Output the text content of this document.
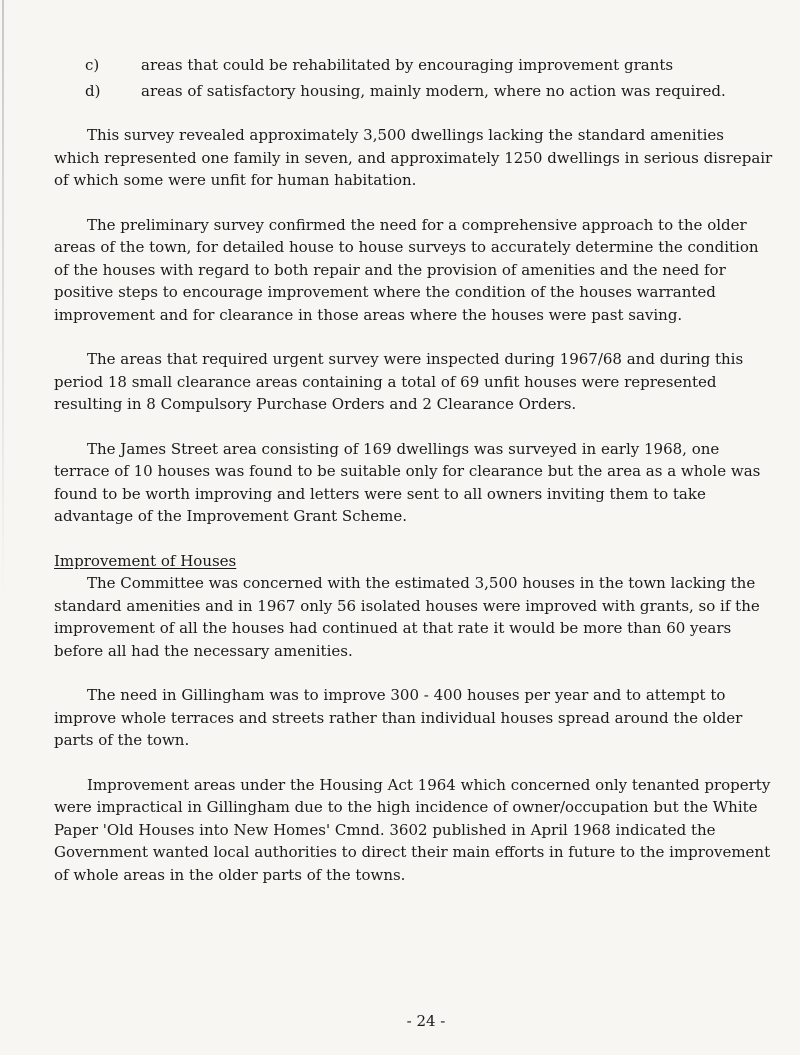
c)	areas that could be rehabilitated by encouraging improvement grants
d)	areas of satisfactory housing, mainly modern, where no action was required.

This survey revealed approximately 3,500 dwellings lacking the standard amenities which represented one family in seven, and approximately 1250 dwellings in serious disrepair of which some were unfit for human habitation.

The preliminary survey confirmed the need for a comprehensive approach to the older areas of the town, for detailed house to house surveys to accurately determine the condition of the houses with regard to both repair and the provision of amenities and the need for positive steps to encourage improvement where the condition of the houses warranted improvement and for clearance in those areas where the houses were past saving.

The areas that required urgent survey were inspected during 1967/68 and during this period 18 small clearance areas containing a total of 69 unfit houses were represented resulting in 8 Compulsory Purchase Orders and 2 Clearance Orders.

The James Street area consisting of 169 dwellings was surveyed in early 1968, one terrace of 10 houses was found to be suitable only for clearance but the area as a whole was found to be worth improving and letters were sent to all owners inviting them to take advantage of the Improvement Grant Scheme.

Improvement of Houses

The Committee was concerned with the estimated 3,500 houses in the town lacking the standard amenities and in 1967 only 56 isolated houses were improved with grants, so if the improvement of all the houses had continued at that rate it would be more than 60 years before all had the necessary amenities.

The need in Gillingham was to improve 300 - 400 houses per year and to attempt to improve whole terraces and streets rather than individual houses spread around the older parts of the town.

Improvement areas under the Housing Act 1964 which concerned only tenanted property were impractical in Gillingham due to the high incidence of owner/occupation but the White Paper 'Old Houses into New Homes' Cmnd. 3602 published in April 1968 indicated the Government wanted local authorities to direct their main efforts in future to the improvement of whole areas in the older parts of the towns.

- 24 -
